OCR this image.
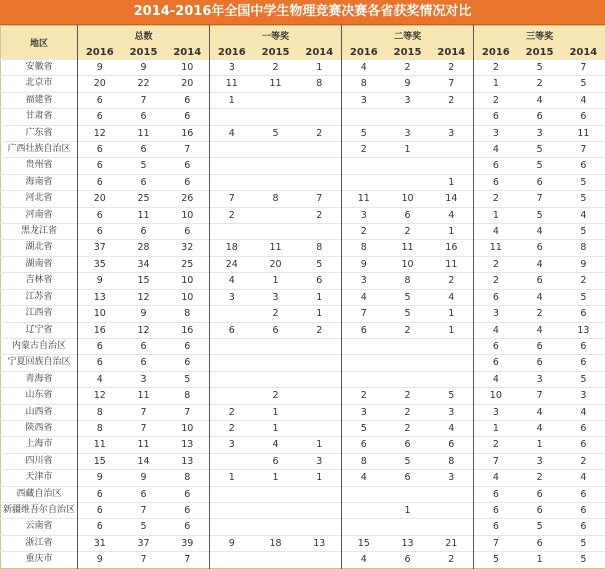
2014-2016年全国中学生物理竞赛决赛各省获奖情况对比
地区	总数			一等奖			二等奖			三等奖		
	2016	2015	2014	2016	2015	2014	2016	2015	2014	2016	2015	2014
安徽省	9	9	10	3	2	1	4	2	2	2	5	7
北京市	20	22	20	11	11	8	8	9	7	1	2	5
福建省	6	7	6	1			3	3	2	2	4	4
甘肃省	6	6	6							6	6	6
广东省	12	11	16	4	5	2	5	3	3	3	3	11
广西壮族自治区	6	6	7				2	1		4	5	7
贵州省	6	5	6							6	5	6
海南省	6	6	6						1	6	6	5
河北省	20	25	26	7	8	7	11	10	14	2	7	5
河南省	6	11	10	2		2	3	6	4	1	5	4
黑龙江省	6	6	6				2	2	1	4	4	5
湖北省	37	28	32	18	11	8	8	11	16	11	6	8
湖南省	35	34	25	24	20	5	9	10	11	2	4	9
吉林省	9	15	10	4	1	6	3	8	2	2	6	2
江苏省	13	12	10	3	3	1	4	5	4	6	4	5
江西省	10	9	8		2	1	7	5	1	3	2	6
辽宁省	16	12	16	6	6	2	6	2	1	4	4	13
内蒙古自治区	6	6	6							6	6	6
宁夏回族自治区	6	6	6							6	6	6
青海省	4	3	5							4	3	5
山东省	12	11	8		2		2	2	5	10	7	3
山西省	8	7	7	2	1		3	2	3	3	4	4
陕西省	8	7	10	2	1		5	2	4	1	4	6
上海市	11	11	13	3	4	1	6	6	6	2	1	6
四川省	15	14	13		6	3	8	5	8	7	3	2
天津市	9	9	8	1	1	1	4	6	3	4	2	4
西藏自治区	6	6	6							6	6	6
新疆维吾尔自治区	6	7	6					1		6	6	6
云南省	6	5	6							6	5	6
浙江省	31	37	39	9	18	13	15	13	21	7	6	5
重庆市	9	7	7				4	6	2	5	1	5
